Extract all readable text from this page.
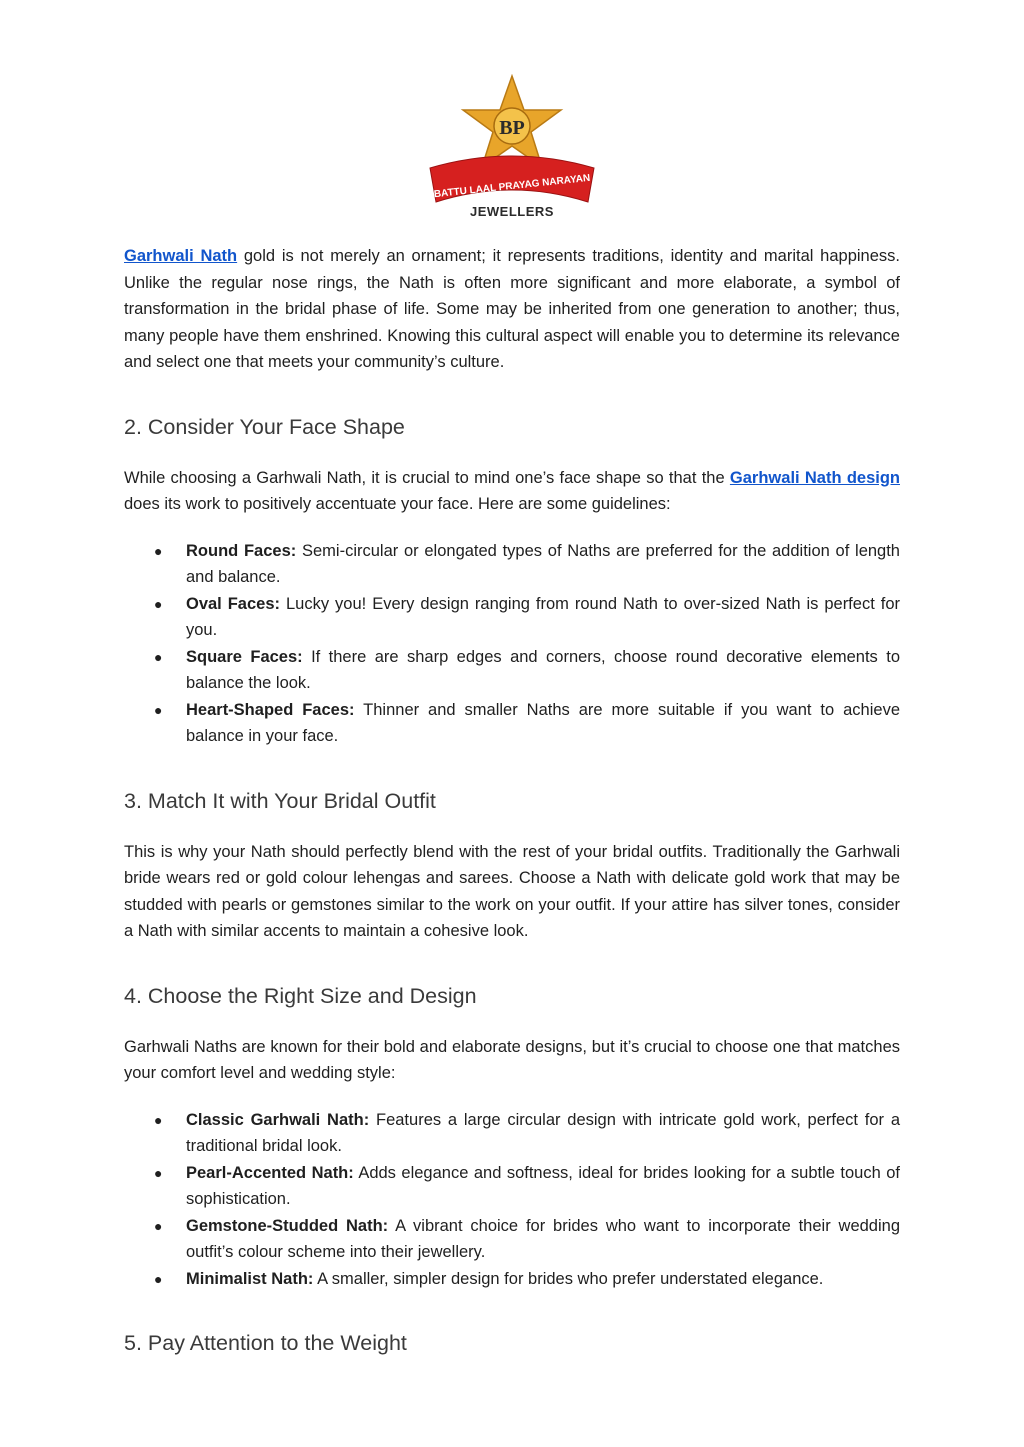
BP
BATTU LAAL PRAYAG NARAYAN
JEWELLERS

Garhwali Nath gold is not merely an ornament; it represents traditions, identity and marital happiness. Unlike the regular nose rings, the Nath is often more significant and more elaborate, a symbol of transformation in the bridal phase of life. Some may be inherited from one generation to another; thus, many people have them enshrined. Knowing this cultural aspect will enable you to determine its relevance and select one that meets your community’s culture.

2. Consider Your Face Shape

While choosing a Garhwali Nath, it is crucial to mind one’s face shape so that the Garhwali Nath design does its work to positively accentuate your face. Here are some guidelines:

● Round Faces: Semi-circular or elongated types of Naths are preferred for the addition of length and balance.
● Oval Faces: Lucky you! Every design ranging from round Nath to over-sized Nath is perfect for you.
● Square Faces: If there are sharp edges and corners, choose round decorative elements to balance the look.
● Heart-Shaped Faces: Thinner and smaller Naths are more suitable if you want to achieve balance in your face.
3. Match It with Your Bridal Outfit

This is why your Nath should perfectly blend with the rest of your bridal outfits. Traditionally the Garhwali bride wears red or gold colour lehengas and sarees. Choose a Nath with delicate gold work that may be studded with pearls or gemstones similar to the work on your outfit. If your attire has silver tones, consider a Nath with similar accents to maintain a cohesive look.

4. Choose the Right Size and Design

Garhwali Naths are known for their bold and elaborate designs, but it’s crucial to choose one that matches your comfort level and wedding style:

● Classic Garhwali Nath: Features a large circular design with intricate gold work, perfect for a traditional bridal look.
● Pearl-Accented Nath: Adds elegance and softness, ideal for brides looking for a subtle touch of sophistication.
● Gemstone-Studded Nath: A vibrant choice for brides who want to incorporate their wedding outfit’s colour scheme into their jewellery.
● Minimalist Nath: A smaller, simpler design for brides who prefer understated elegance.
5. Pay Attention to the Weight
